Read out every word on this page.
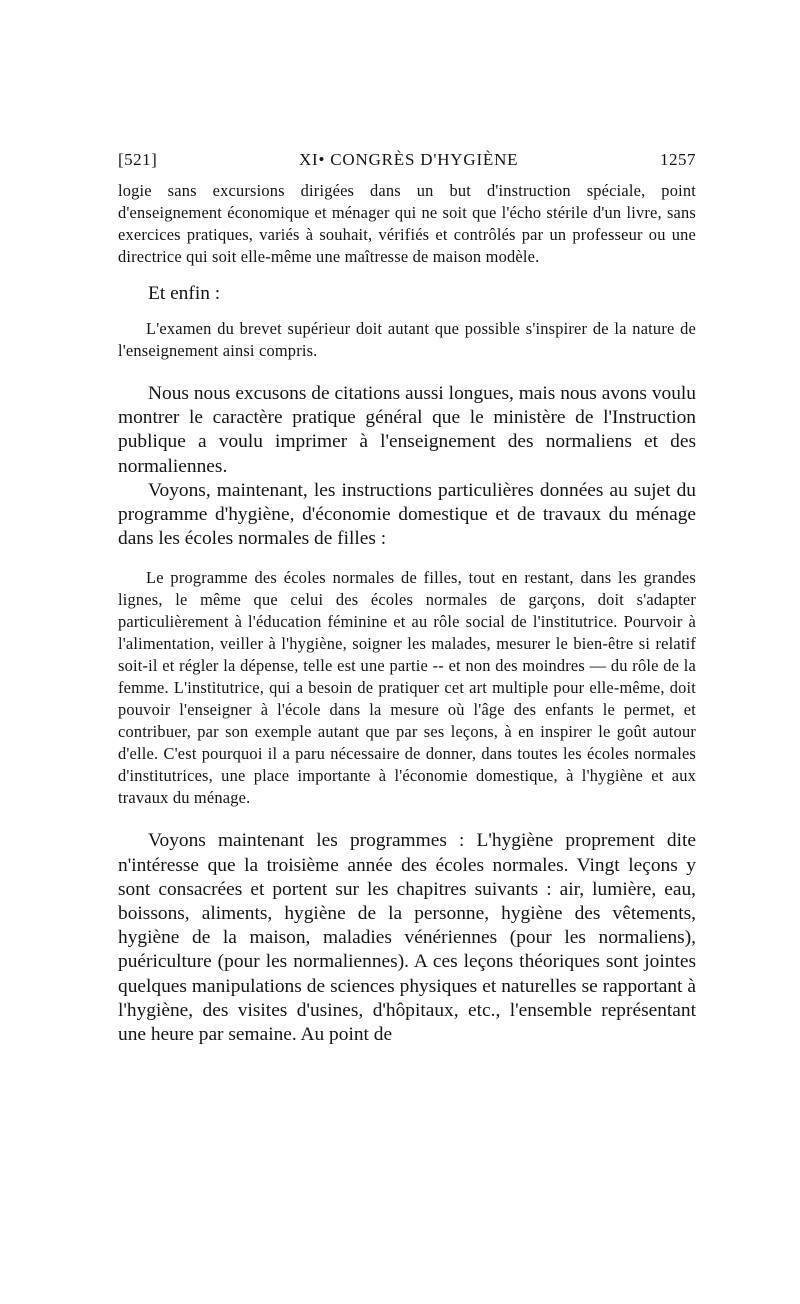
[521]	XI• CONGRÈS D'HYGIÈNE	1257

logie sans excursions dirigées dans un but d'instruction spéciale, point d'enseignement économique et ménager qui ne soit que l'écho stérile d'un livre, sans exercices pratiques, variés à souhait, vérifiés et contrôlés par un professeur ou une directrice qui soit elle-même une maîtresse de maison modèle.

Et enfin :

L'examen du brevet supérieur doit autant que possible s'inspirer de la nature de l'enseignement ainsi compris.

Nous nous excusons de citations aussi longues, mais nous avons voulu montrer le caractère pratique général que le ministère de l'Instruction publique a voulu imprimer à l'enseignement des normaliens et des normaliennes.

Voyons, maintenant, les instructions particulières données au sujet du programme d'hygiène, d'économie domestique et de travaux du ménage dans les écoles normales de filles :

Le programme des écoles normales de filles, tout en restant, dans les grandes lignes, le même que celui des écoles normales de garçons, doit s'adapter particulièrement à l'éducation féminine et au rôle social de l'institutrice. Pourvoir à l'alimentation, veiller à l'hygiène, soigner les malades, mesurer le bien-être si relatif soit-il et régler la dépense, telle est une partie -- et non des moindres — du rôle de la femme. L'institutrice, qui a besoin de pratiquer cet art multiple pour elle-même, doit pouvoir l'enseigner à l'école dans la mesure où l'âge des enfants le permet, et contribuer, par son exemple autant que par ses leçons, à en inspirer le goût autour d'elle. C'est pourquoi il a paru nécessaire de donner, dans toutes les écoles normales d'institutrices, une place importante à l'économie domestique, à l'hygiène et aux travaux du ménage.

Voyons maintenant les programmes : L'hygiène proprement dite n'intéresse que la troisième année des écoles normales. Vingt leçons y sont consacrées et portent sur les chapitres suivants : air, lumière, eau, boissons, aliments, hygiène de la personne, hygiène des vêtements, hygiène de la maison, maladies vénériennes (pour les normaliens), puériculture (pour les normaliennes). A ces leçons théoriques sont jointes quelques manipulations de sciences physiques et naturelles se rapportant à l'hygiène, des visites d'usines, d'hôpitaux, etc., l'ensemble représentant une heure par semaine. Au point de
